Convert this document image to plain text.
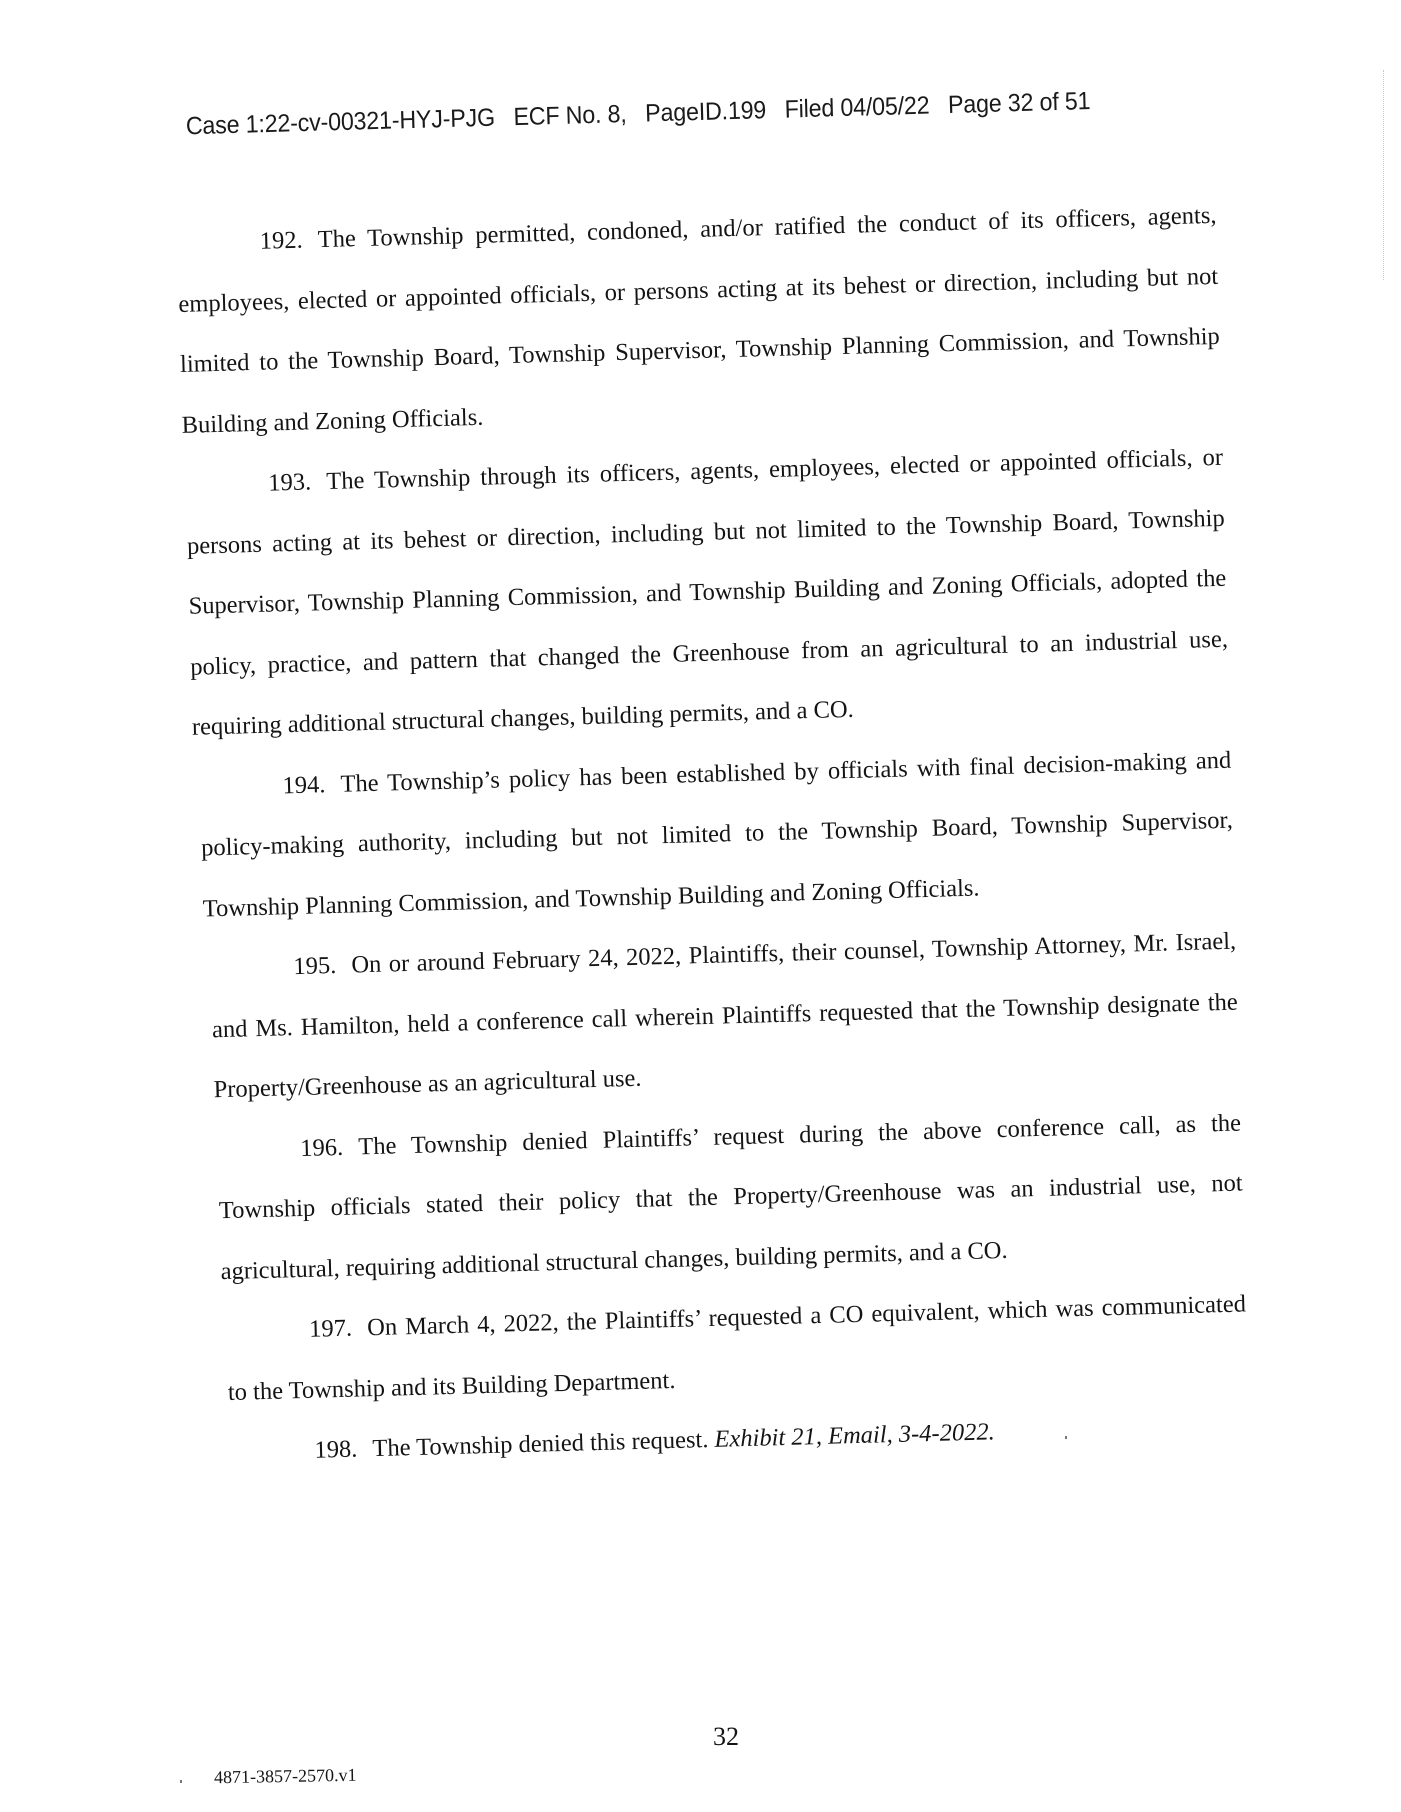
Case 1:22-cv-00321-HYJ-PJG ECF No. 8, PageID.199 Filed 04/05/22 Page 32 of 51

192. The Township permitted, condoned, and/or ratified the conduct of its officers, agents, employees, elected or appointed officials, or persons acting at its behest or direction, including but not limited to the Township Board, Township Supervisor, Township Planning Commission, and Township Building and Zoning Officials.

193. The Township through its officers, agents, employees, elected or appointed officials, or persons acting at its behest or direction, including but not limited to the Township Board, Township Supervisor, Township Planning Commission, and Township Building and Zoning Officials, adopted the policy, practice, and pattern that changed the Greenhouse from an agricultural to an industrial use, requiring additional structural changes, building permits, and a CO.

194. The Township’s policy has been established by officials with final decision-making and policy-making authority, including but not limited to the Township Board, Township Supervisor, Township Planning Commission, and Township Building and Zoning Officials.

195. On or around February 24, 2022, Plaintiffs, their counsel, Township Attorney, Mr. Israel, and Ms. Hamilton, held a conference call wherein Plaintiffs requested that the Township designate the Property/Greenhouse as an agricultural use.

196. The Township denied Plaintiffs’ request during the above conference call, as the Township officials stated their policy that the Property/Greenhouse was an industrial use, not agricultural, requiring additional structural changes, building permits, and a CO.

197. On March 4, 2022, the Plaintiffs’ requested a CO equivalent, which was communicated to the Township and its Building Department.

198. The Township denied this request. Exhibit 21, Email, 3-4-2022.

32
4871-3857-2570.v1
